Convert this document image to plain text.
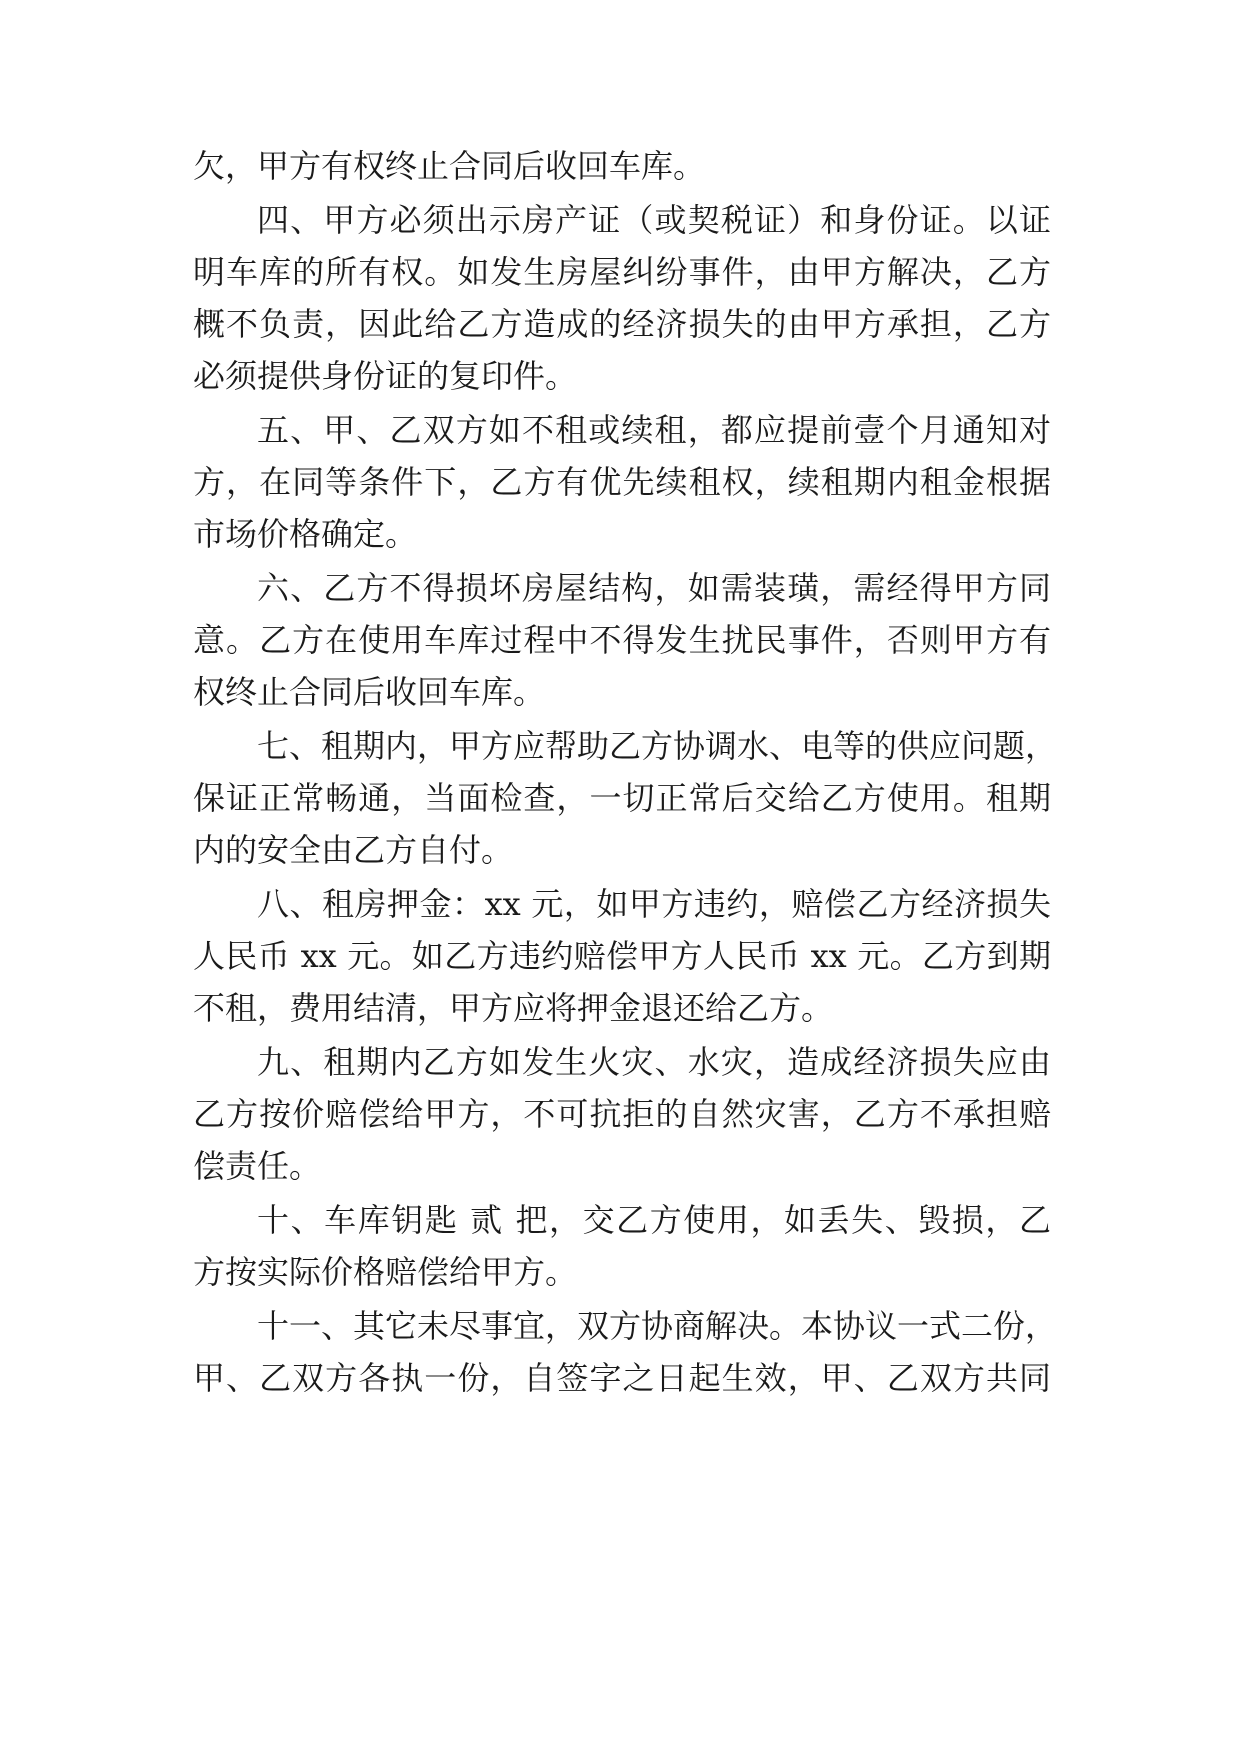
欠，甲方有权终止合同后收回车库。

四、甲方必须出示房产证（或契税证）和身份证。以证

明车库的所有权。如发生房屋纠纷事件，由甲方解决，乙方

概不负责，因此给乙方造成的经济损失的由甲方承担，乙方

必须提供身份证的复印件。

五、甲、乙双方如不租或续租，都应提前壹个月通知对

方，在同等条件下，乙方有优先续租权，续租期内租金根据

市场价格确定。

六、乙方不得损坏房屋结构，如需装璜，需经得甲方同

意。乙方在使用车库过程中不得发生扰民事件，否则甲方有

权终止合同后收回车库。

七、租期内，甲方应帮助乙方协调水、电等的供应问题，

保证正常畅通，当面检查，一切正常后交给乙方使用。租期

内的安全由乙方自付。

八、租房押金：xx 元，如甲方违约，赔偿乙方经济损失

人民币 xx 元。如乙方违约赔偿甲方人民币 xx 元。乙方到期

不租，费用结清，甲方应将押金退还给乙方。

九、租期内乙方如发生火灾、水灾，造成经济损失应由

乙方按价赔偿给甲方，不可抗拒的自然灾害，乙方不承担赔

偿责任。

十、车库钥匙 贰 把，交乙方使用，如丢失、毁损，乙

方按实际价格赔偿给甲方。

十一、其它未尽事宜，双方协商解决。本协议一式二份，

甲、乙双方各执一份，自签字之日起生效，甲、乙双方共同
